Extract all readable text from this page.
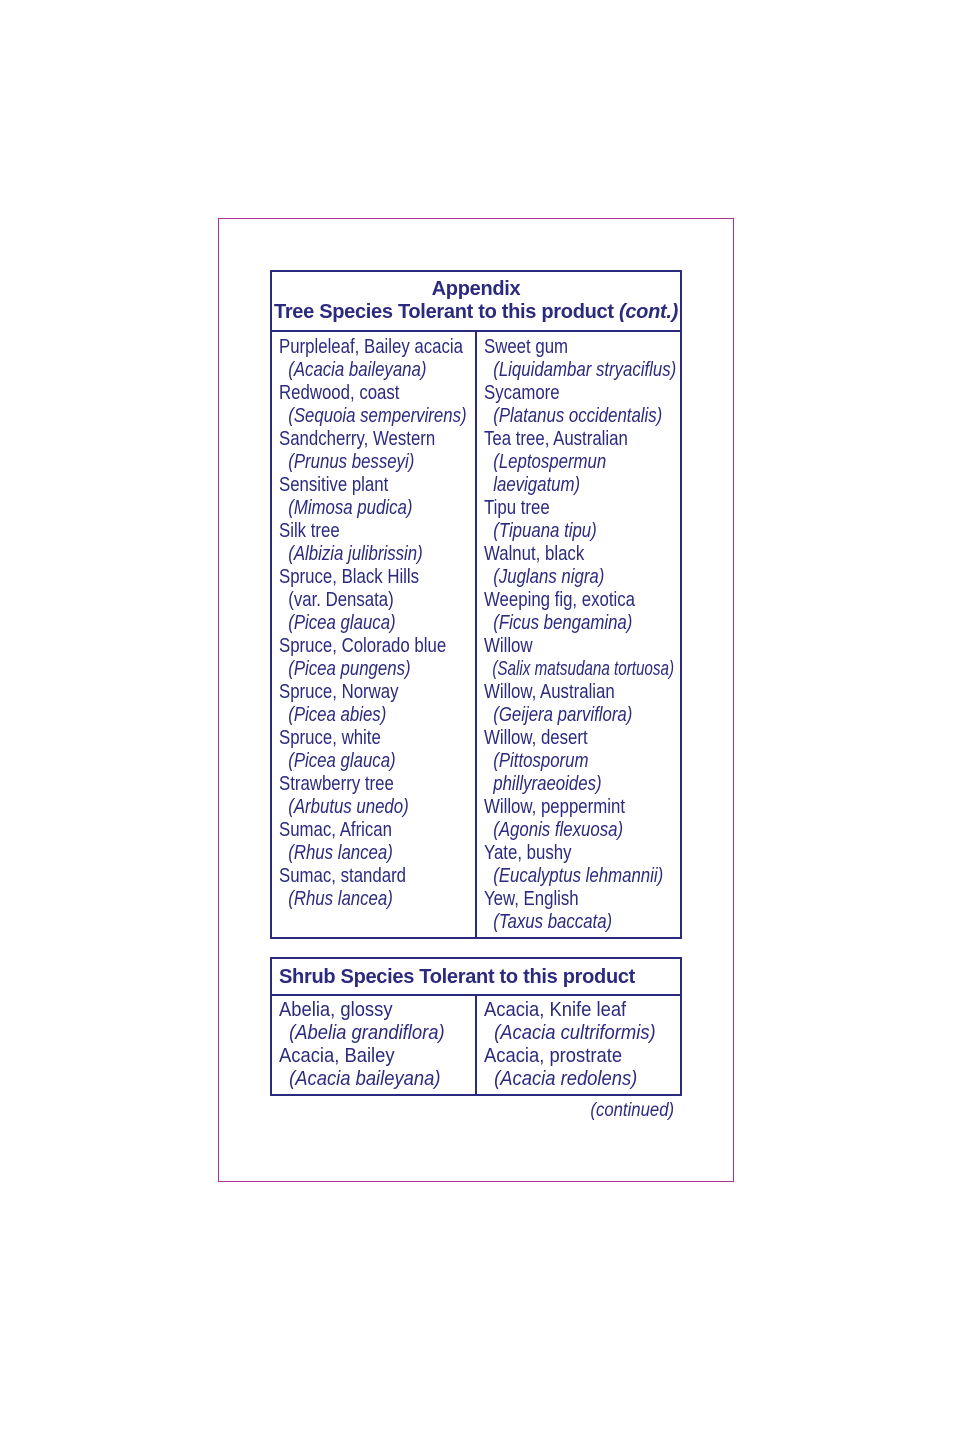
Appendix
Tree Species Tolerant to this product (cont.)
Purpleleaf, Bailey acacia
(Acacia baileyana)
Redwood, coast
(Sequoia sempervirens)
Sandcherry, Western
(Prunus besseyi)
Sensitive plant
(Mimosa pudica)
Silk tree
(Albizia julibrissin)
Spruce, Black Hills
(var. Densata)
(Picea glauca)
Spruce, Colorado blue
(Picea pungens)
Spruce, Norway
(Picea abies)
Spruce, white
(Picea glauca)
Strawberry tree
(Arbutus unedo)
Sumac, African
(Rhus lancea)
Sumac, standard
(Rhus lancea)
Sweet gum
(Liquidambar stryaciflus)
Sycamore
(Platanus occidentalis)
Tea tree, Australian
(Leptospermun
laevigatum)
Tipu tree
(Tipuana tipu)
Walnut, black
(Juglans nigra)
Weeping fig, exotica
(Ficus bengamina)
Willow
(Salix matsudana tortuosa)
Willow, Australian
(Geijera parviflora)
Willow, desert
(Pittosporum
phillyraeoides)
Willow, peppermint
(Agonis flexuosa)
Yate, bushy
(Eucalyptus lehmannii)
Yew, English
(Taxus baccata)
Shrub Species Tolerant to this product
Abelia, glossy
(Abelia grandiflora)
Acacia, Bailey
(Acacia baileyana)
Acacia, Knife leaf
(Acacia cultriformis)
Acacia, prostrate
(Acacia redolens)
(continued)
